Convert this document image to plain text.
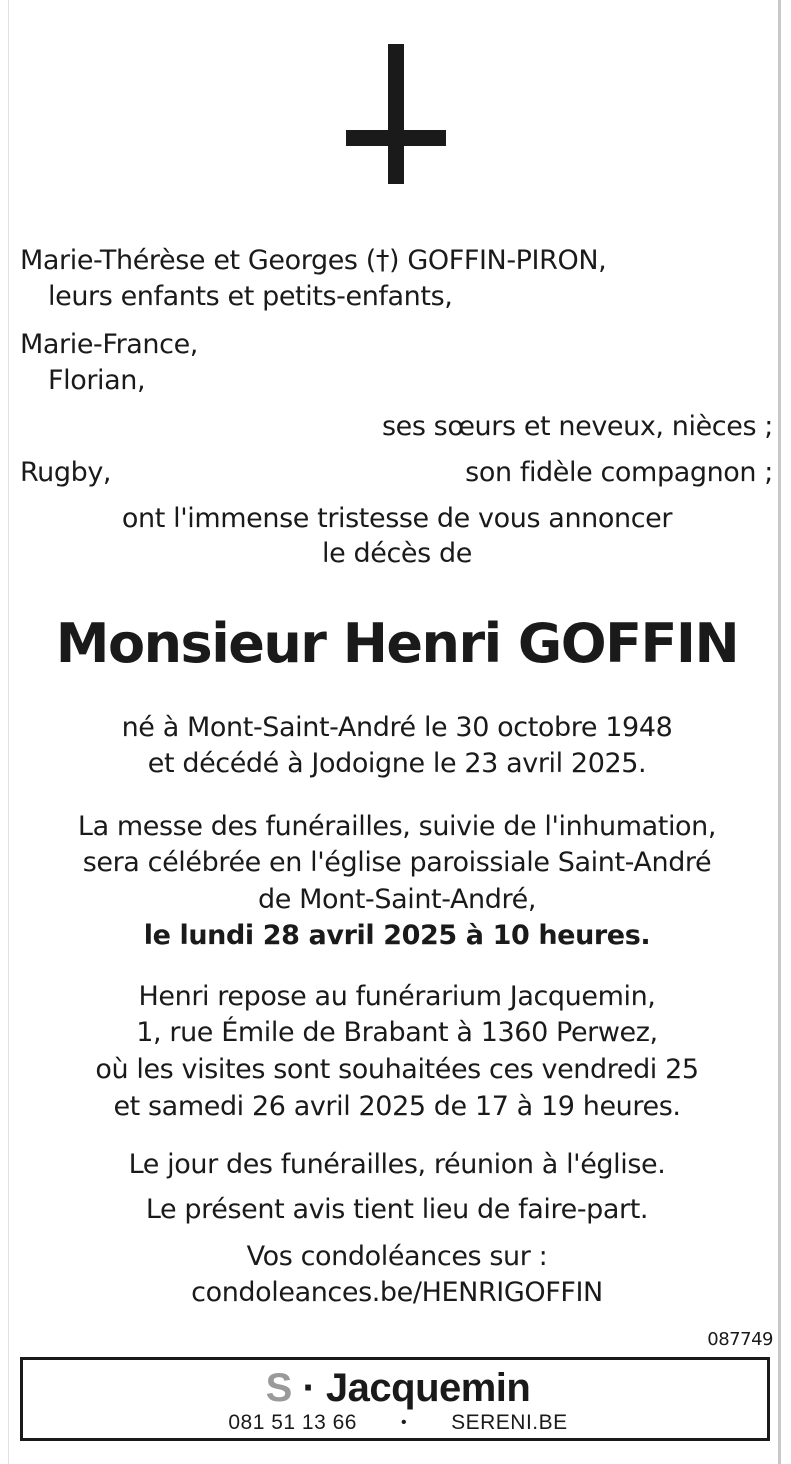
Marie-Thérèse et Georges (†) GOFFIN-PIRON,
leurs enfants et petits-enfants,
Marie-France,
Florian,
ses sœurs et neveux, nièces ;
Rugby,	son fidèle compagnon ;
ont l'immense tristesse de vous annoncer
le décès de
Monsieur Henri GOFFIN
né à Mont-Saint-André le 30 octobre 1948
et décédé à Jodoigne le 23 avril 2025.
La messe des funérailles, suivie de l'inhumation,
sera célébrée en l'église paroissiale Saint-André
de Mont-Saint-André,
le lundi 28 avril 2025 à 10 heures.
Henri repose au funérarium Jacquemin,
1, rue Émile de Brabant à 1360 Perwez,
où les visites sont souhaitées ces vendredi 25
et samedi 26 avril 2025 de 17 à 19 heures.
Le jour des funérailles, réunion à l'église.
Le présent avis tient lieu de faire-part.
Vos condoléances sur :
condoleances.be/HENRIGOFFIN
087749
S · Jacquemin
081 51 13 66	• SERENI.BE
